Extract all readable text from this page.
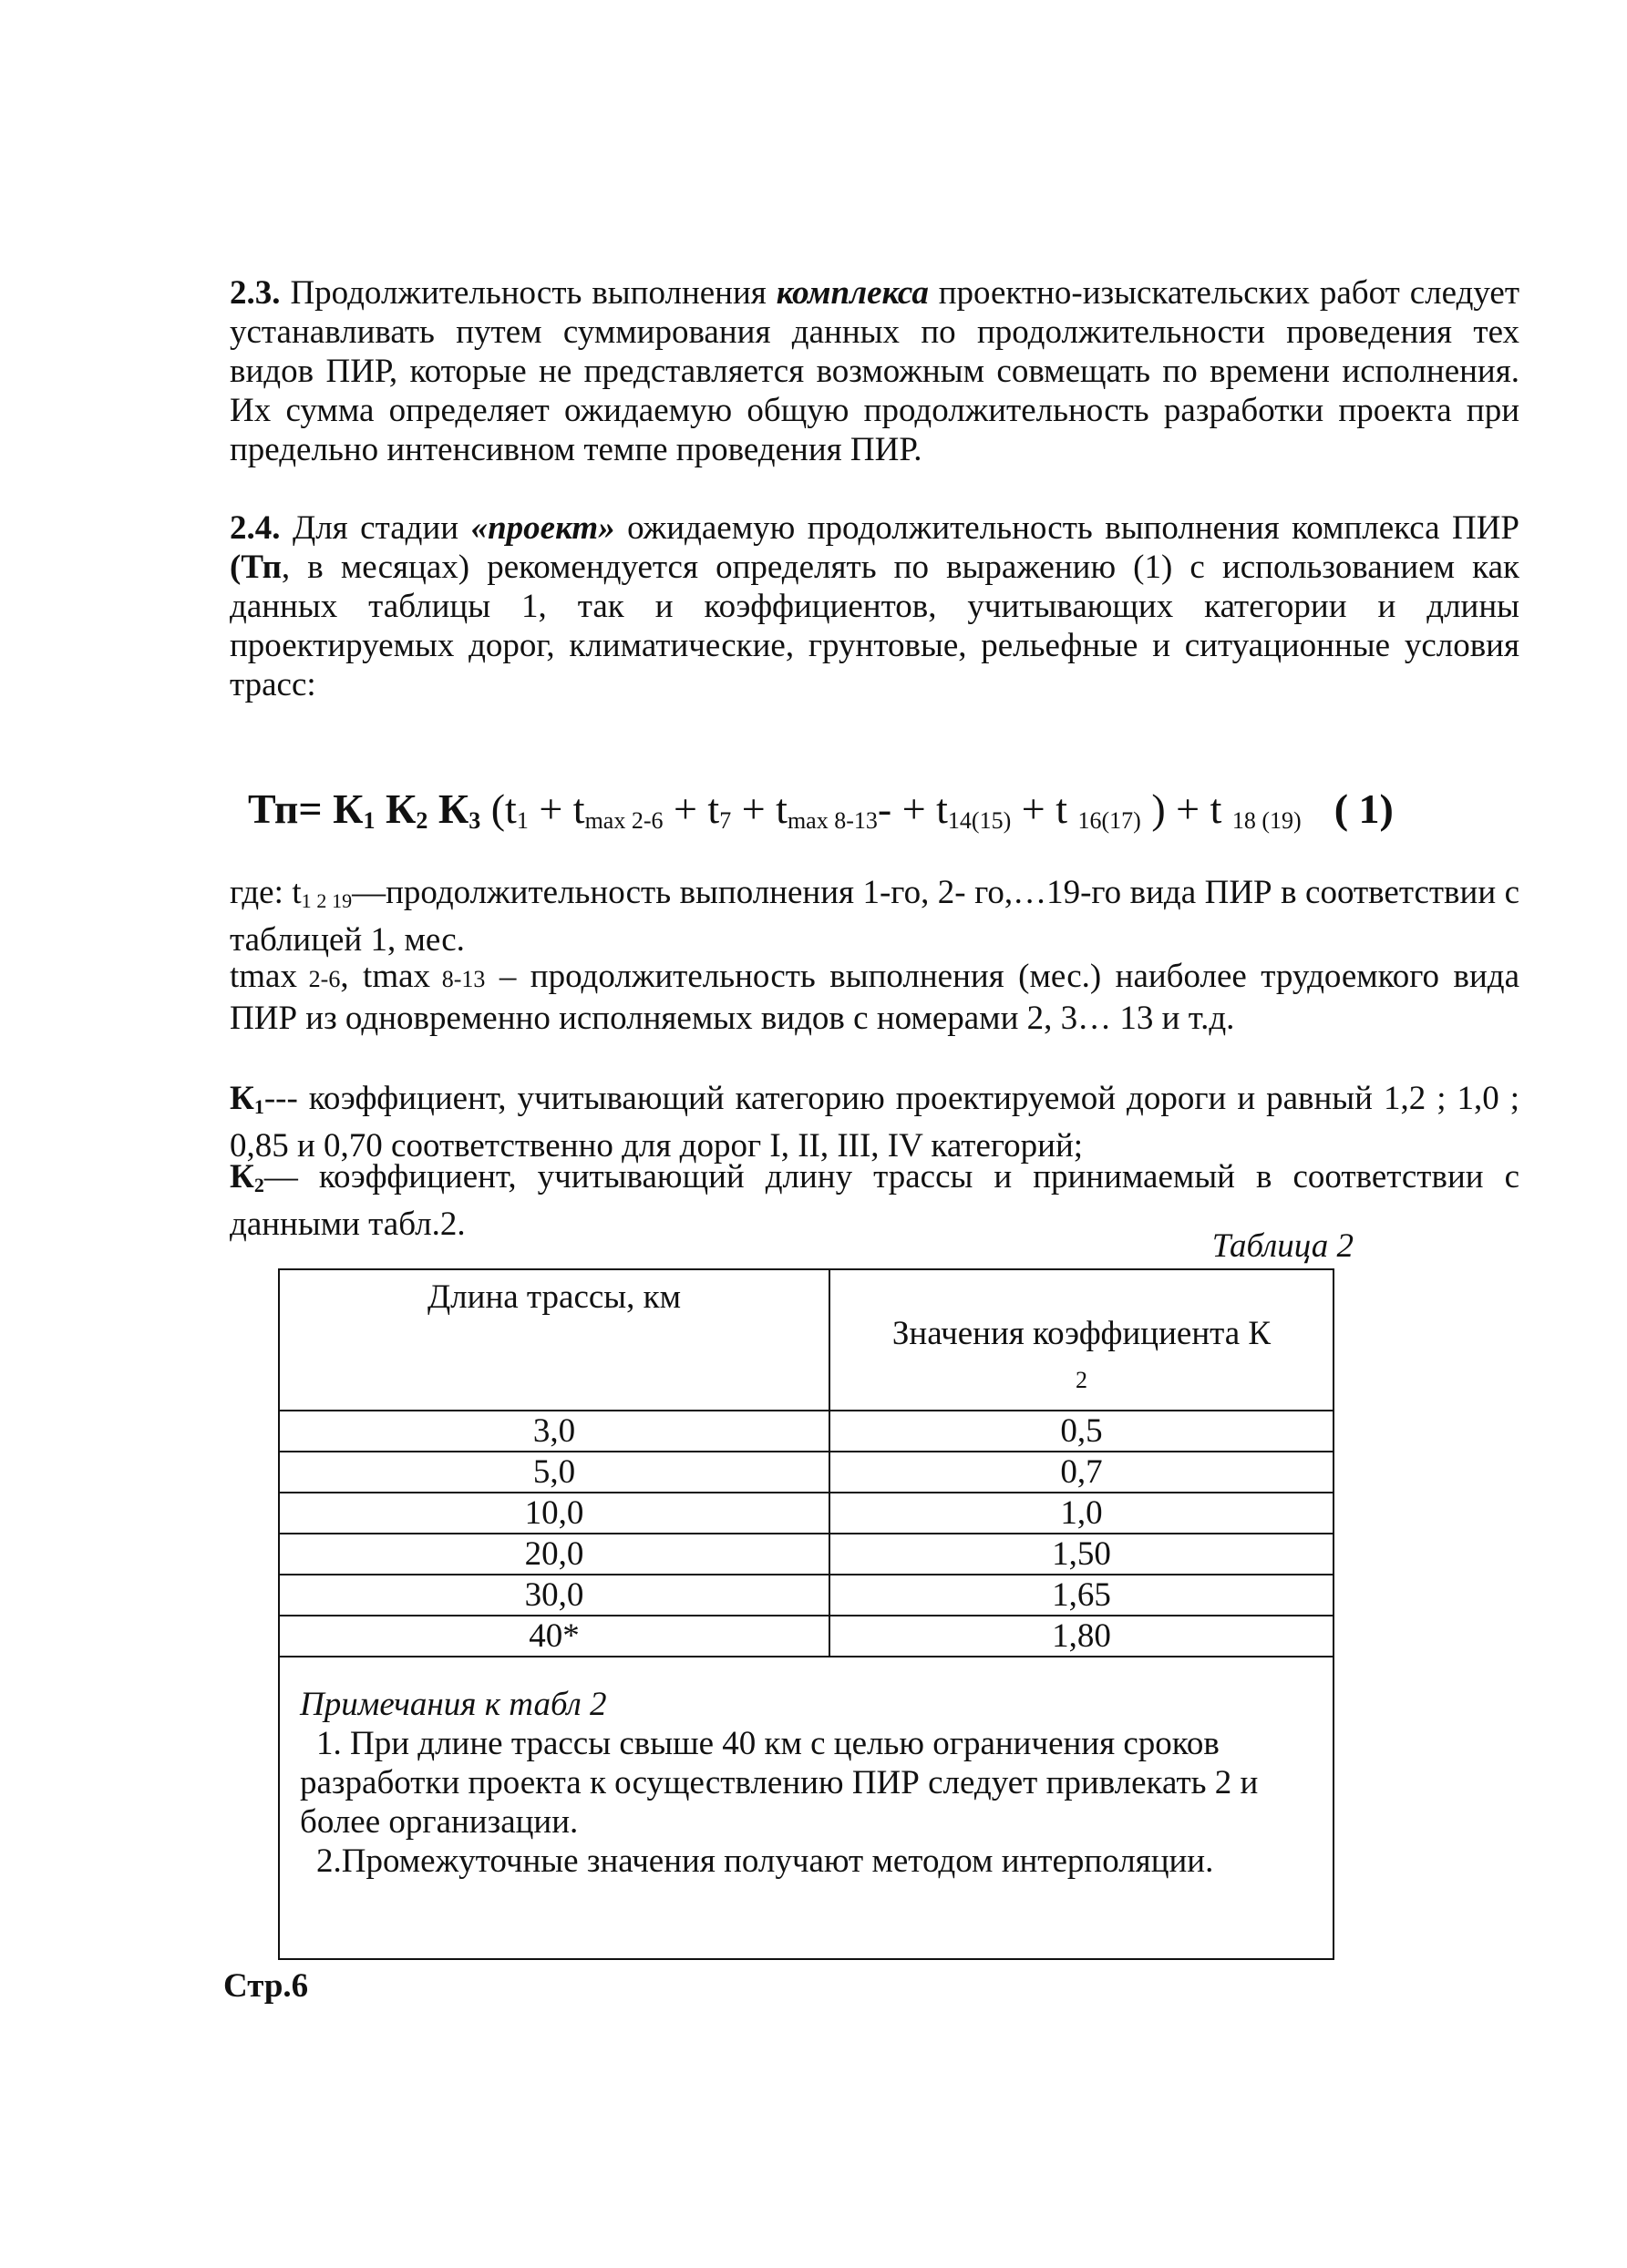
2.3. Продолжительность выполнения комплекса проектно-изыскательских работ следует устанавливать путем суммирования данных по продолжительности проведения тех видов ПИР, которые не представляется возможным совмещать по времени исполнения. Их сумма определяет ожидаемую общую продолжительность разработки проекта при предельно интенсивном темпе проведения ПИР.
2.4. Для стадии «проект» ожидаемую продолжительность выполнения комплекса ПИР (Тп, в месяцах) рекомендуется определять по выражению (1) с использованием как данных таблицы 1, так и коэффициентов, учитывающих категории и длины проектируемых дорог, климатические, грунтовые, рельефные и ситуационные условия трасс:
$Тп= К_1$ $К_2$ $К_3$ ($t_1 + t_{max 2-6} + t_7 + t_{max 8-13}- + t_{14(15)} + t$ $_{16(17)}$ ) + t $_{18 (19)}$ ( 1)
где: $t_{1 2 19}—продолжительность$ выполнения 1-го, 2- го,…19-го вида ПИР в соответствии с таблицей 1, мес.
tmax 2-6, tmax 8-13 – продолжительность выполнения (мес.) наиболее трудоемкого вида ПИР из одновременно исполняемых видов с номерами 2, 3… 13 и т.д.
$К_1---$ коэффициент, учитывающий категорию проектируемой дороги и равный 1,2 ; 1,0 ; 0,85 и 0,70 соответственно для дорог I, II, III, IV категорий;
$К_2—$ коэффициент, учитывающий длину трассы и принимаемый в соответствии с данными табл.2.
Таблица 2
Длина трассы, км	Значения коэффициента К
$_2$

3,0	0,5
5,0	0,7
10,0	1,0
20,0	1,50
30,0	1,65
40*	1,80

Примечания к табл 2
1. При длине трассы свыше 40 км с целью ограничения сроков разработки проекта к осуществлению ПИР следует привлекать 2 и более организации.
2.Промежуточные значения получают методом интерполяции.	
Стр.6
